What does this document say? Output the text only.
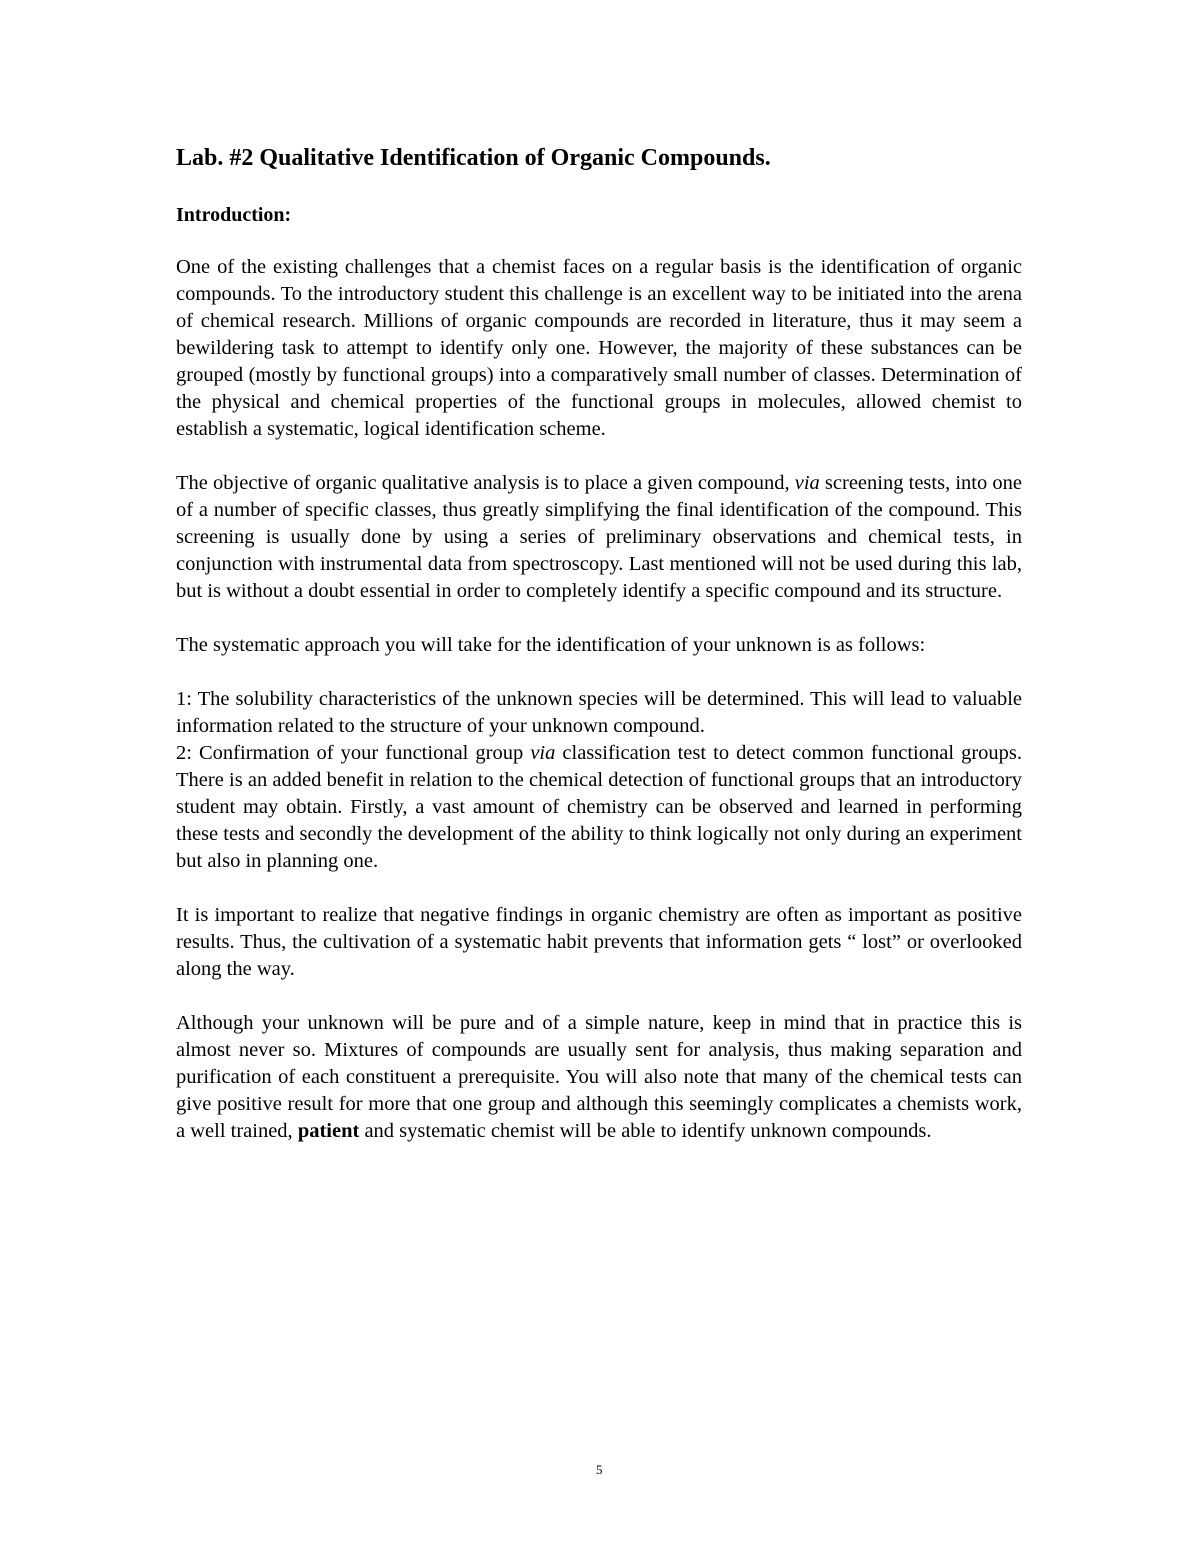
Lab. #2 Qualitative Identification of Organic Compounds.
Introduction:

One of the existing challenges that a chemist faces on a regular basis is the identification of organic compounds. To the introductory student this challenge is an excellent way to be initiated into the arena of chemical research. Millions of organic compounds are recorded in literature, thus it may seem a bewildering task to attempt to identify only one. However, the majority of these substances can be grouped (mostly by functional groups) into a comparatively small number of classes. Determination of the physical and chemical properties of the functional groups in molecules, allowed chemist to establish a systematic, logical identification scheme.

The objective of organic qualitative analysis is to place a given compound, via screening tests, into one of a number of specific classes, thus greatly simplifying the final identification of the compound. This screening is usually done by using a series of preliminary observations and chemical tests, in conjunction with instrumental data from spectroscopy. Last mentioned will not be used during this lab, but is without a doubt essential in order to completely identify a specific compound and its structure.

The systematic approach you will take for the identification of your unknown is as follows:

1: The solubility characteristics of the unknown species will be determined. This will lead to valuable information related to the structure of your unknown compound.

2: Confirmation of your functional group via classification test to detect common functional groups. There is an added benefit in relation to the chemical detection of functional groups that an introductory student may obtain. Firstly, a vast amount of chemistry can be observed and learned in performing these tests and secondly the development of the ability to think logically not only during an experiment but also in planning one.

It is important to realize that negative findings in organic chemistry are often as important as positive results. Thus, the cultivation of a systematic habit prevents that information gets “ lost” or overlooked along the way.

Although your unknown will be pure and of a simple nature, keep in mind that in practice this is almost never so. Mixtures of compounds are usually sent for analysis, thus making separation and purification of each constituent a prerequisite. You will also note that many of the chemical tests can give positive result for more that one group and although this seemingly complicates a chemists work, a well trained, patient and systematic chemist will be able to identify unknown compounds.

5
